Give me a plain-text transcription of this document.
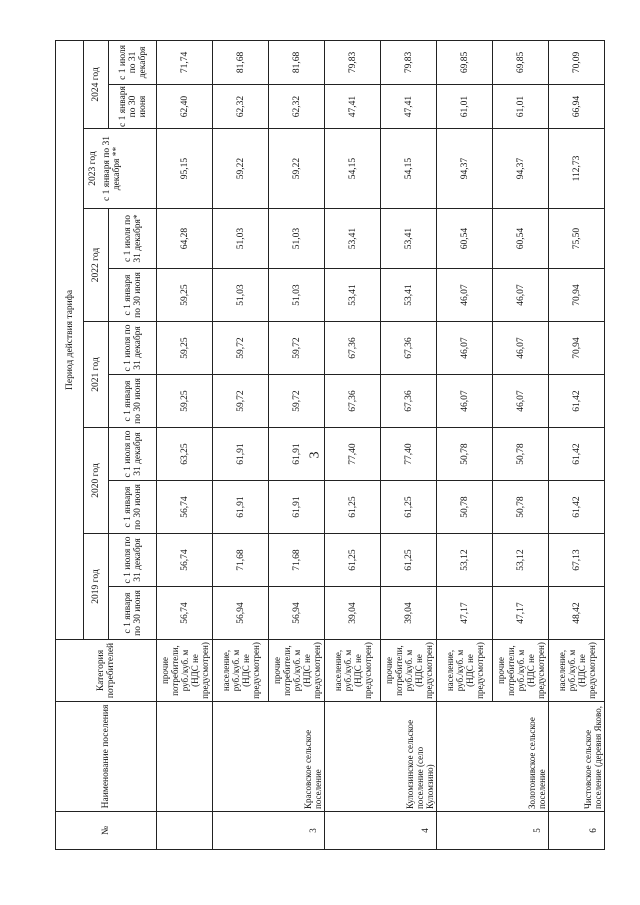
3
№	Наименование поселения	Категория потребителей	Период действия тарифа										
			2019 год		2020 год		2021 год		2022 год		2023 год с 1 января по 31 декабря **	2024 год	
			с 1 января по 30 июня	с 1 июля по 31 декабря	с 1 января по 30 июня	с 1 июля по 31 декабря	с 1 января по 30 июня	с 1 июля по 31 декабря	с 1 января по 30 июня	с 1 июля по 31 декабря*		с 1 января по 30 июня	с 1 июля по 31 декабря
		прочие потребители, руб./куб. м (НДС не предусмотрен)	56,74	56,74	56,74	63,25	59,25	59,25	59,25	64,28	95,15	62,40	71,74
3	Красовское сельское поселение	население, руб./куб. м (НДС не предусмотрен)	56,94	71,68	61,91	61,91	59,72	59,72	51,03	51,03	59,22	62,32	81,68
		прочие потребители, руб./куб. м (НДС не предусмотрен)	56,94	71,68	61,91	61,91	59,72	59,72	51,03	51,03	59,22	62,32	81,68
4	Куломзинское сельское поселение (село Куломзино)	население, руб./куб. м (НДС не предусмотрен)	39,04	61,25	61,25	77,40	67,36	67,36	53,41	53,41	54,15	47,41	79,83
		прочие потребители, руб./куб. м (НДС не предусмотрен)	39,04	61,25	61,25	77,40	67,36	67,36	53,41	53,41	54,15	47,41	79,83
5	Золотонивское сельское поселение	население, руб./куб. м (НДС не предусмотрен)	47,17	53,12	50,78	50,78	46,07	46,07	46,07	60,54	94,37	61,01	69,85
		прочие потребители, руб./куб. м (НДС не предусмотрен)	47,17	53,12	50,78	50,78	46,07	46,07	46,07	60,54	94,37	61,01	69,85
6	Чистовское сельское поселение (деревня Яковo,	население, руб./куб. м (НДС не предусмотрен)	48,42	67,13	61,42	61,42	61,42	70,94	70,94	75,50	112,73	66,94	70,09
